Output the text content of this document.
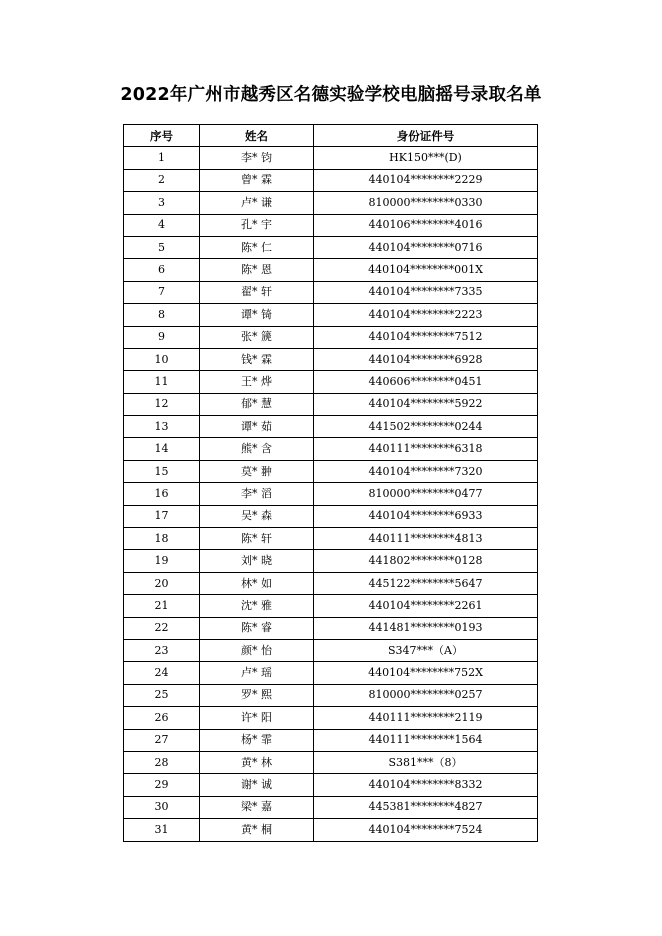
2022年广州市越秀区名德实验学校电脑摇号录取名单
序号	姓名	身份证件号
1	李* 钧	HK150***(D)
2	曾* 霖	440104********2229
3	卢* 谦	810000********0330
4	孔* 宇	440106********4016
5	陈* 仁	440104********0716
6	陈* 恩	440104********001X
7	翟* 轩	440104********7335
8	谭* 锜	440104********2223
9	张* 篪	440104********7512
10	钱* 霖	440104********6928
11	王* 烨	440606********0451
12	郁* 慧	440104********5922
13	谭* 茹	441502********0244
14	熊* 含	440111********6318
15	莫* 翀	440104********7320
16	李* 滔	810000********0477
17	吴* 森	440104********6933
18	陈* 轩	440111********4813
19	刘* 晓	441802********0128
20	林* 如	445122********5647
21	沈* 雅	440104********2261
22	陈* 睿	441481********0193
23	颜* 怡	S347***（A）
24	卢* 瑶	440104********752X
25	罗* 熙	810000********0257
26	许* 阳	440111********2119
27	杨* 霏	440111********1564
28	黄* 林	S381***（8）
29	谢* 诚	440104********8332
30	梁* 嘉	445381********4827
31	黄* 桐	440104********7524
